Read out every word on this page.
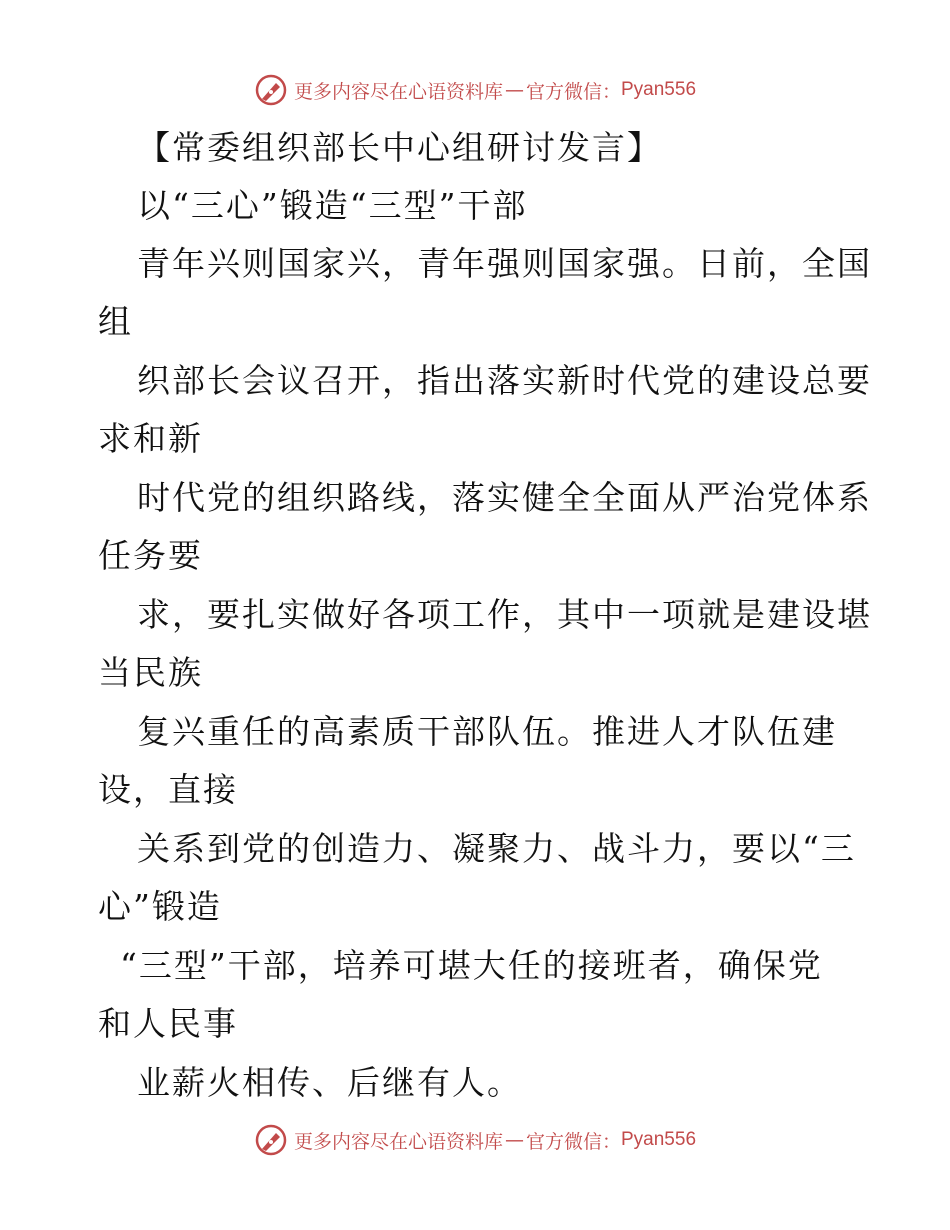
更多内容尽在心语资料库 — 官方微信： Pyan556
【常委组织部长中心组研讨发言】
以“三心”锻造“三型”干部
青年兴则国家兴，青年强则国家强。日前，全国
组
织部长会议召开，指出落实新时代党的建设总要
求和新
时代党的组织路线，落实健全全面从严治党体系
任务要
求，要扎实做好各项工作，其中一项就是建设堪
当民族
复兴重任的高素质干部队伍。推进人才队伍建
设，直接
关系到党的创造力、凝聚力、战斗力，要以“三
心”锻造
“三型”干部，培养可堪大任的接班者，确保党
和人民事
业薪火相传、后继有人。
更多内容尽在心语资料库 — 官方微信： Pyan556
